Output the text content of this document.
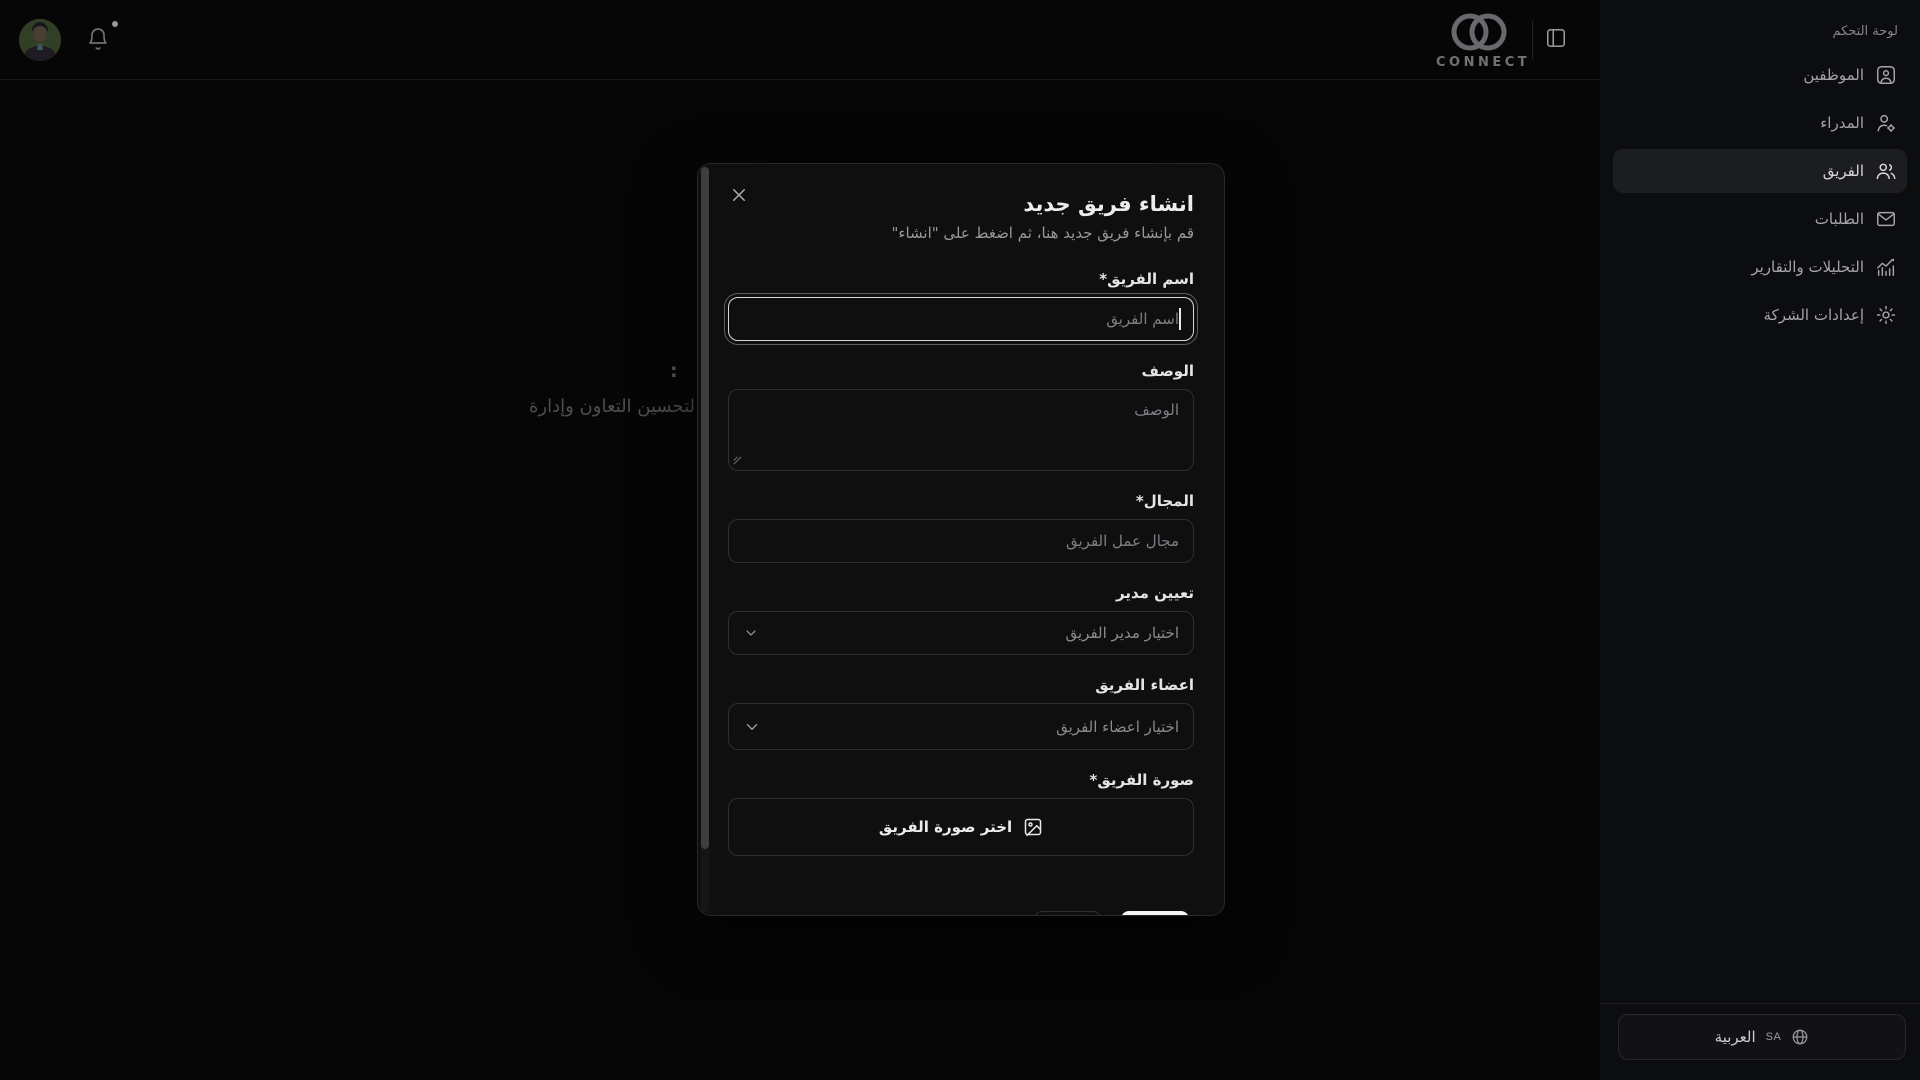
CONNECT
لوحة التحكم
الموظفين
المدراء
الفريق
الطلبات
التحليلات والتقارير
إعدادات الشركة
SA
العربية
:
لتحسين التعاون وإدارة
انشاء فريق جديد

قم بإنشاء فريق جديد هنا، ثم اضغط على "انشاء"

اسم الفريق*
اسم الفريق
الوصف
الوصف
المجال*
مجال عمل الفريق
تعيين مدير
اختيار مدير الفريق
اعضاء الفريق
اختيار اعضاء الفريق
صورة الفريق*
اختر صورة الفريق
